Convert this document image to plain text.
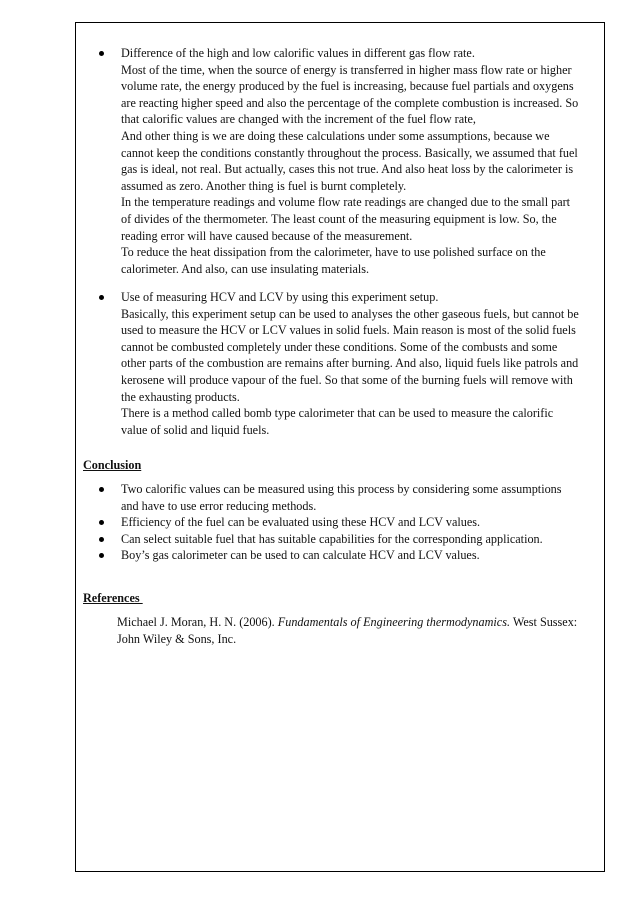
Difference of the high and low calorific values in different gas flow rate.
Most of the time, when the source of energy is transferred in higher mass flow rate or higher
volume rate, the energy produced by the fuel is increasing, because fuel partials and oxygens
are reacting higher speed and also the percentage of the complete combustion is increased. So
that calorific values are changed with the increment of the fuel flow rate,
And other thing is we are doing these calculations under some assumptions, because we
cannot keep the conditions constantly throughout the process. Basically, we assumed that fuel
gas is ideal, not real. But actually, cases this not true. And also heat loss by the calorimeter is
assumed as zero. Another thing is fuel is burnt completely.
In the temperature readings and volume flow rate readings are changed due to the small part
of divides of the thermometer. The least count of the measuring equipment is low. So, the
reading error will have caused because of the measurement.
To reduce the heat dissipation from the calorimeter, have to use polished surface on the
calorimeter. And also, can use insulating materials.
Use of measuring HCV and LCV by using this experiment setup.
Basically, this experiment setup can be used to analyses the other gaseous fuels, but cannot be
used to measure the HCV or LCV values in solid fuels. Main reason is most of the solid fuels
cannot be combusted completely under these conditions. Some of the combusts and some
other parts of the combustion are remains after burning. And also, liquid fuels like patrols and
kerosene will produce vapour of the fuel. So that some of the burning fuels will remove with
the exhausting products.
There is a method called bomb type calorimeter that can be used to measure the calorific
value of solid and liquid fuels.
Conclusion
Two calorific values can be measured using this process by considering some assumptions
and have to use error reducing methods.
Efficiency of the fuel can be evaluated using these HCV and LCV values.
Can select suitable fuel that has suitable capabilities for the corresponding application.
Boy’s gas calorimeter can be used to can calculate HCV and LCV values.
References
Michael J. Moran, H. N. (2006). Fundamentals of Engineering thermodynamics. West Sussex:
John Wiley & Sons, Inc.
